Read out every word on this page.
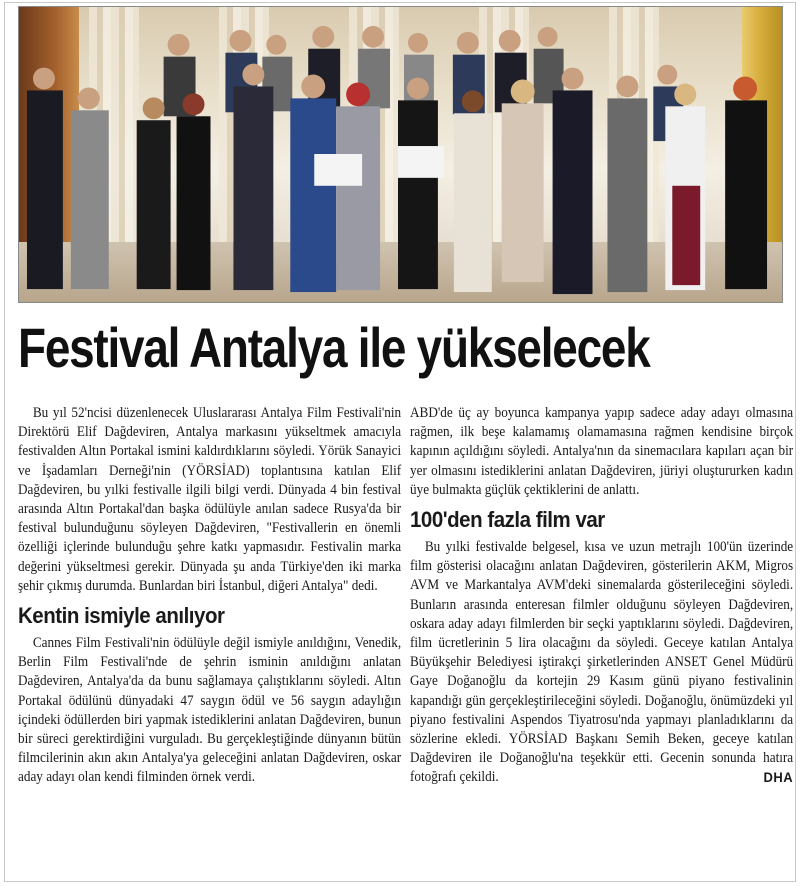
Festival Antalya ile yükselecek

Bu yıl 52'ncisi düzenlenecek Uluslararası Antalya Film Festivali'nin Direktörü Elif Dağdeviren, Antalya markasını yükseltmek amacıyla festivalden Altın Portakal ismini kaldırdıklarını söyledi. Yörük Sanayici ve İşadamları Derneği'nin (YÖRSİAD) toplantısına katılan Elif Dağdeviren, bu yılki festivalle ilgili bilgi verdi. Dünyada 4 bin festival arasında Altın Portakal'dan başka ödülüyle anılan sadece Rusya'da bir festival bulunduğunu söyleyen Dağdeviren, "Festivallerin en önemli özelliği içlerinde bulunduğu şehre katkı yapmasıdır. Festivalin marka değerini yükseltmesi gerekir. Dünyada şu anda Türkiye'den iki marka şehir çıkmış durumda. Bunlardan biri İstanbul, diğeri Antalya" dedi.

Kentin ismiyle anılıyor

Cannes Film Festivali'nin ödülüyle değil ismiyle anıldığını, Venedik, Berlin Film Festivali'nde de şehrin isminin anıldığını anlatan Dağdeviren, Antalya'da da bunu sağlamaya çalıştıklarını söyledi. Altın Portakal ödülünü dünyadaki 47 saygın ödül ve 56 saygın adaylığın içindeki ödüllerden biri yapmak istediklerini anlatan Dağdeviren, bunun bir süreci gerektirdiğini vurguladı. Bu gerçekleştiğinde dünyanın bütün filmcilerinin akın akın Antalya'ya geleceğini anlatan Dağdeviren, oskar aday adayı olan kendi filminden örnek verdi.

ABD'de üç ay boyunca kampanya yapıp sadece aday adayı olmasına rağmen, ilk beşe kalamamış olamamasına rağmen kendisine birçok kapının açıldığını söyledi. Antalya'nın da sinemacılara kapıları açan bir yer olmasını istediklerini anlatan Dağdeviren, jüriyi oluştururken kadın üye bulmakta güçlük çektiklerini de anlattı.

100'den fazla film var

Bu yılki festivalde belgesel, kısa ve uzun metrajlı 100'ün üzerinde film gösterisi olacağını anlatan Dağdeviren, gösterilerin AKM, Migros AVM ve Markantalya AVM'deki sinemalarda gösterileceğini söyledi. Bunların arasında enteresan filmler olduğunu söyleyen Dağdeviren, oskara aday adayı filmlerden bir seçki yaptıklarını söyledi. Dağdeviren, film ücretlerinin 5 lira olacağını da söyledi. Geceye katılan Antalya Büyükşehir Belediyesi iştirakçi şirketlerinden ANSET Genel Müdürü Gaye Doğanoğlu da kortejin 29 Kasım günü piyano festivalinin kapandığı gün gerçekleştirileceğini söyledi. Doğanoğlu, önümüzdeki yıl piyano festivalini Aspendos Tiyatrosu'nda yapmayı planladıklarını da sözlerine ekledi. YÖRSİAD Başkanı Semih Beken, geceye katılan Dağdeviren ile Doğanoğlu'na teşekkür etti. Gecenin sonunda hatıra fotoğrafı çekildi.	DHA
